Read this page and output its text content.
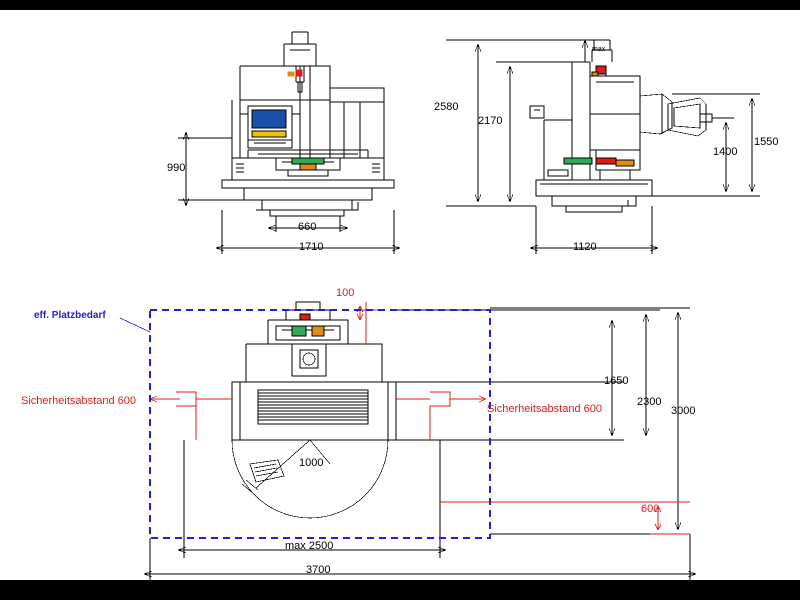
1710
660
990
2580
2170
1550
1400
1120
max
eff. Platzbedarf
Sicherheitsabstand 600
Sicherheitsabstand 600
100
600
1650
2300
3000
max 2500
3700
1000
